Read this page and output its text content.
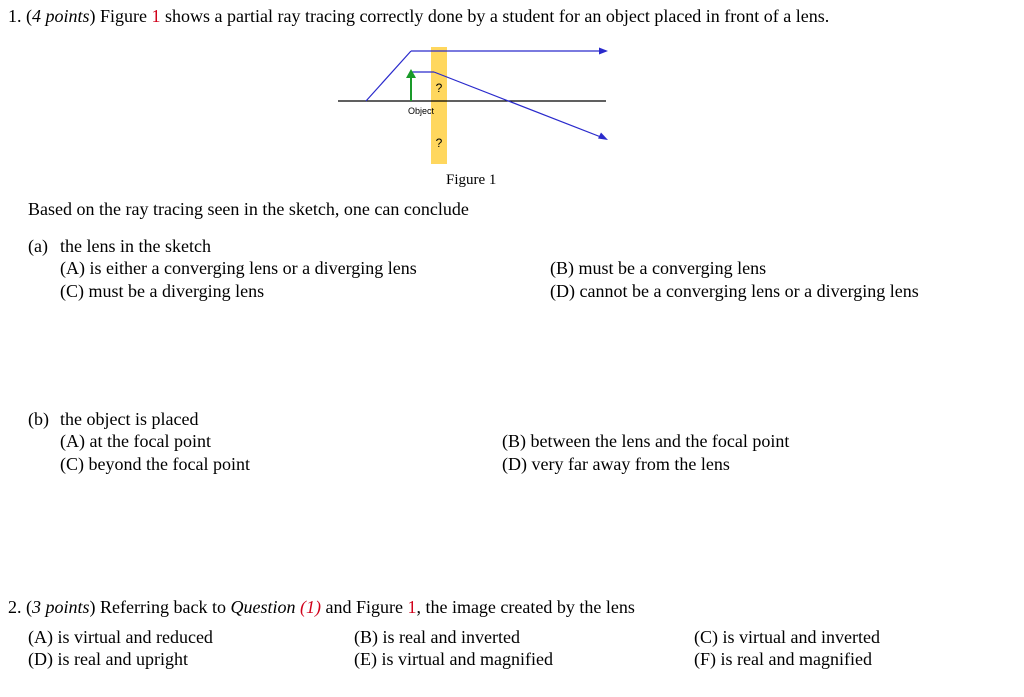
1. (4 points) Figure 1 shows a partial ray tracing correctly done by a student for an object placed in front of a lens.
Object
?
?
Figure 1
Based on the ray tracing seen in the sketch, one can conclude
(a) the lens in the sketch
(A) is either a converging lens or a diverging lens	(B) must be a converging lens
(C) must be a diverging lens	(D) cannot be a converging lens or a diverging lens
(b) the object is placed
(A) at the focal point	(B) between the lens and the focal point
(C) beyond the focal point	(D) very far away from the lens
2. (3 points) Referring back to Question (1) and Figure 1, the image created by the lens
(A) is virtual and reduced	(B) is real and inverted	(C) is virtual and inverted
(D) is real and upright	(E) is virtual and magnified	(F) is real and magnified
